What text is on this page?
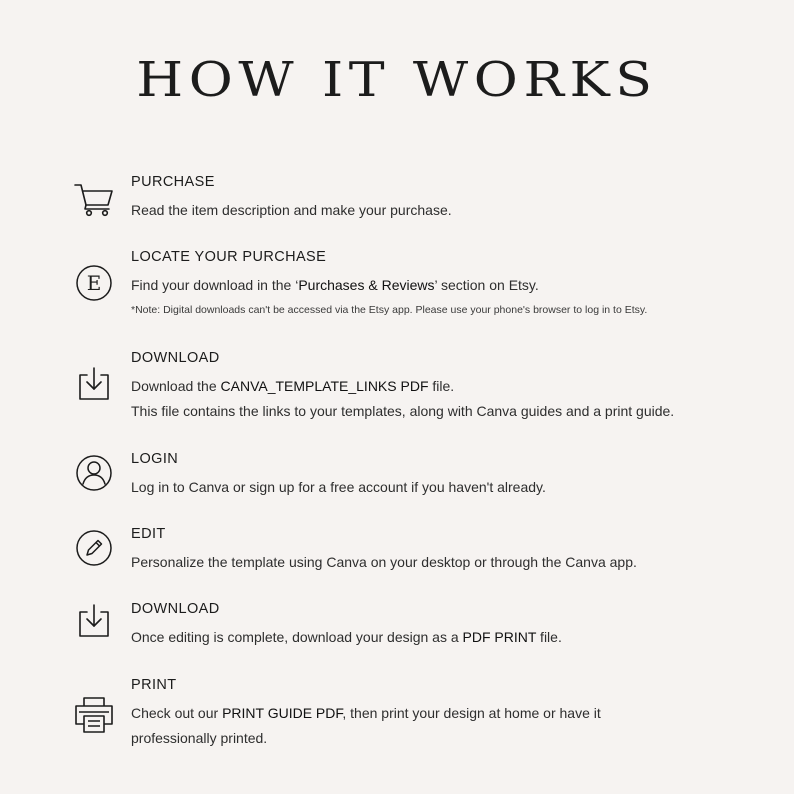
HOW IT WORKS

PURCHASE

Read the item description and make your purchase.

E

LOCATE YOUR PURCHASE

Find your download in the ‘Purchases & Reviews’ section on Etsy.

*Note: Digital downloads can't be accessed via the Etsy app. Please use your phone's browser to log in to Etsy.

DOWNLOAD

Download the CANVA_TEMPLATE_LINKS PDF file.

This file contains the links to your templates, along with Canva guides and a print guide.

LOGIN

Log in to Canva or sign up for a free account if you haven't already.

EDIT

Personalize the template using Canva on your desktop or through the Canva app.

DOWNLOAD

Once editing is complete, download your design as a PDF PRINT file.

PRINT

Check out our PRINT GUIDE PDF, then print your design at home or have it

professionally printed.
